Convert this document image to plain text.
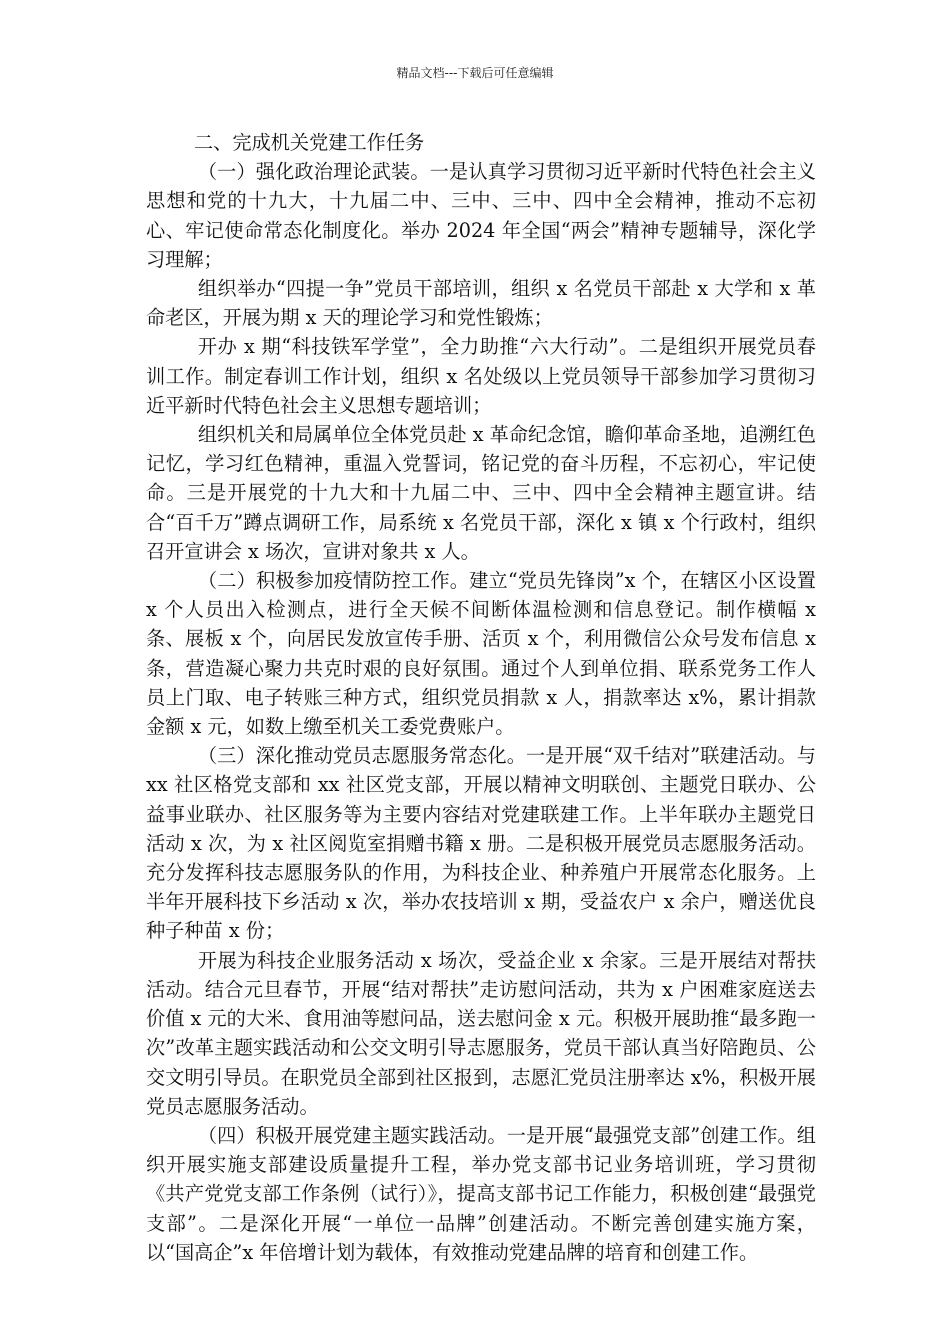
精品文档---下载后可任意编辑

二、完成机关党建工作任务

（一）强化政治理论武装。一是认真学习贯彻习近平新时代特色社会主义思想和党的十九大，十九届二中、三中、三中、四中全会精神，推动不忘初心、牢记使命常态化制度化。举办 2024 年全国“两会”精神专题辅导，深化学习理解；

组织举办“四提一争”党员干部培训，组织 x 名党员干部赴 x 大学和 x 革命老区，开展为期 x 天的理论学习和党性锻炼；

开办 x 期“科技铁军学堂”，全力助推“六大行动”。二是组织开展党员春训工作。制定春训工作计划，组织 x 名处级以上党员领导干部参加学习贯彻习近平新时代特色社会主义思想专题培训；

组织机关和局属单位全体党员赴 x 革命纪念馆，瞻仰革命圣地，追溯红色记忆，学习红色精神，重温入党誓词，铭记党的奋斗历程，不忘初心，牢记使命。三是开展党的十九大和十九届二中、三中、四中全会精神主题宣讲。结合“百千万”蹲点调研工作，局系统 x 名党员干部，深化 x 镇 x 个行政村，组织召开宣讲会 x 场次，宣讲对象共 x 人。

（二）积极参加疫情防控工作。建立“党员先锋岗”x 个，在辖区小区设置 x 个人员出入检测点，进行全天候不间断体温检测和信息登记。制作横幅 x 条、展板 x 个，向居民发放宣传手册、活页 x 个，利用微信公众号发布信息 x 条，营造凝心聚力共克时艰的良好氛围。通过个人到单位捐、联系党务工作人员上门取、电子转账三种方式，组织党员捐款 x 人，捐款率达 x%，累计捐款金额 x 元，如数上缴至机关工委党费账户。

（三）深化推动党员志愿服务常态化。一是开展“双千结对”联建活动。与 xx 社区格党支部和 xx 社区党支部，开展以精神文明联创、主题党日联办、公益事业联办、社区服务等为主要内容结对党建联建工作。上半年联办主题党日活动 x 次，为 x 社区阅览室捐赠书籍 x 册。二是积极开展党员志愿服务活动。充分发挥科技志愿服务队的作用，为科技企业、种养殖户开展常态化服务。上半年开展科技下乡活动 x 次，举办农技培训 x 期，受益农户 x 余户，赠送优良种子种苗 x 份；

开展为科技企业服务活动 x 场次，受益企业 x 余家。三是开展结对帮扶活动。结合元旦春节，开展“结对帮扶”走访慰问活动，共为 x 户困难家庭送去价值 x 元的大米、食用油等慰问品，送去慰问金 x 元。积极开展助推“最多跑一次”改革主题实践活动和公交文明引导志愿服务，党员干部认真当好陪跑员、公交文明引导员。在职党员全部到社区报到，志愿汇党员注册率达 x%，积极开展党员志愿服务活动。

（四）积极开展党建主题实践活动。一是开展“最强党支部”创建工作。组织开展实施支部建设质量提升工程，举办党支部书记业务培训班，学习贯彻《共产党党支部工作条例（试行）》，提高支部书记工作能力，积极创建“最强党支部”。二是深化开展“一单位一品牌”创建活动。不断完善创建实施方案，以“国高企”x 年倍增计划为载体，有效推动党建品牌的培育和创建工作。
